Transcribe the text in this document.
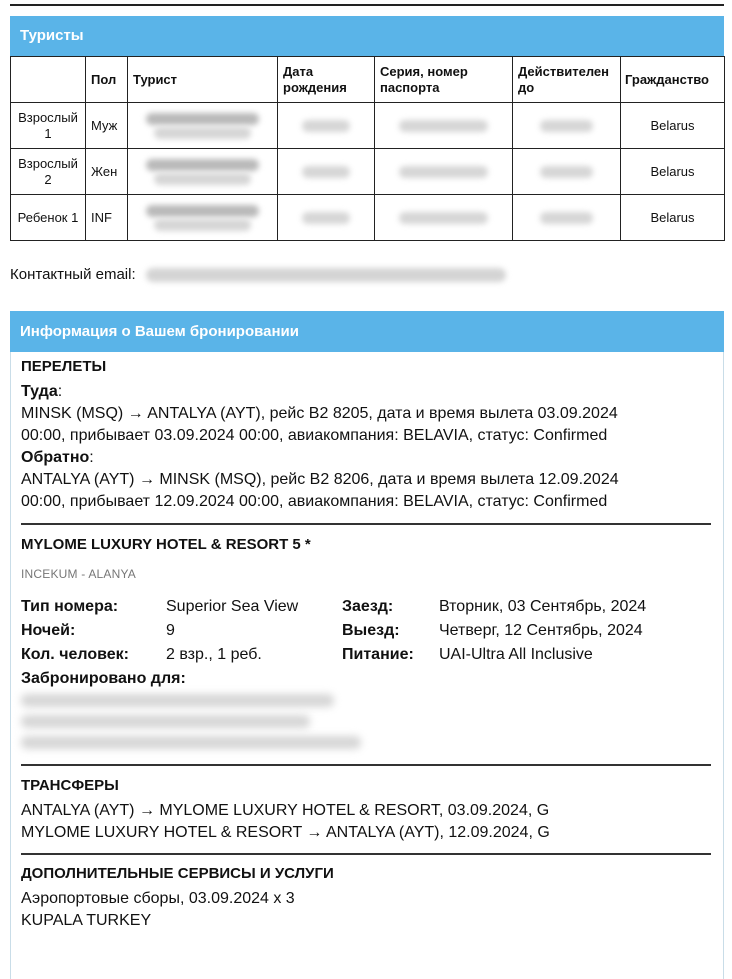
Туристы
	Пол	Турист	Дата рождения	Серия, номер паспорта	Действителен до	Гражданство
Взрослый 1	Муж					Belarus
Взрослый 2	Жен					Belarus
Ребенок 1	INF					Belarus
Контактный email:
Информация о Вашем бронировании
ПЕРЕЛЕТЫ
Туда:
MINSK (MSQ) → ANTALYA (AYT), рейс B2 8205, дата и время вылета 03.09.2024
00:00, прибывает 03.09.2024 00:00, авиакомпания: BELAVIA, статус: Confirmed
Обратно:
ANTALYA (AYT) → MINSK (MSQ), рейс B2 8206, дата и время вылета 12.09.2024
00:00, прибывает 12.09.2024 00:00, авиакомпания: BELAVIA, статус: Confirmed
MYLOME LUXURY HOTEL & RESORT 5 *
INCEKUM - ALANYA
Тип номера:	Superior Sea View	Заезд:	Вторник, 03 Сентябрь, 2024
Ночей:	9	Выезд: Четверг, 12 Сентябрь, 2024
Кол. человек: 2 взр., 1 реб.	Питание: UAI-Ultra All Inclusive
Забронировано для:
ТРАНСФЕРЫ
ANTALYA (AYT) → MYLOME LUXURY HOTEL & RESORT, 03.09.2024, G
MYLOME LUXURY HOTEL & RESORT → ANTALYA (AYT), 12.09.2024, G
ДОПОЛНИТЕЛЬНЫЕ СЕРВИСЫ И УСЛУГИ
Аэропортовые сборы, 03.09.2024 x 3
KUPALA TURKEY
